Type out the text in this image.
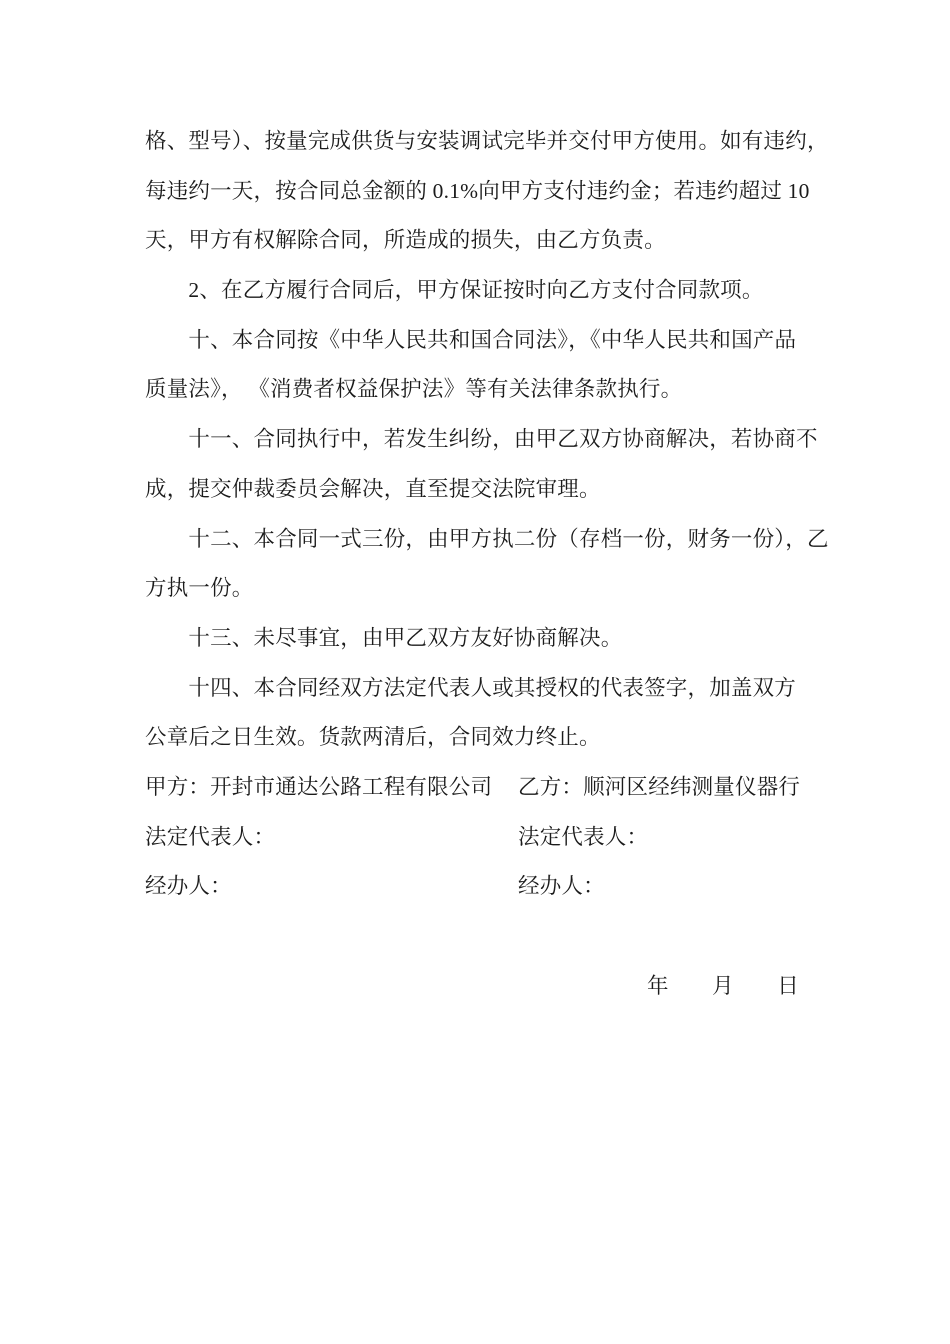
格、型号）、按量完成供货与安装调试完毕并交付甲方使用。如有违约，
每违约一天，按合同总金额的 0.1%向甲方支付违约金；若违约超过 10
天，甲方有权解除合同，所造成的损失，由乙方负责。
　　2、在乙方履行合同后，甲方保证按时向乙方支付合同款项。
　　十、本合同按《中华人民共和国合同法》，《中华人民共和国产品
质量法》， 《消费者权益保护法》等有关法律条款执行。
　　十一、合同执行中，若发生纠纷，由甲乙双方协商解决，若协商不
成，提交仲裁委员会解决，直至提交法院审理。
　　十二、本合同一式三份，由甲方执二份（存档一份，财务一份），乙
方执一份。
　　十三、未尽事宜，由甲乙双方友好协商解决。
　　十四、本合同经双方法定代表人或其授权的代表签字，加盖双方
公章后之日生效。货款两清后，合同效力终止。

甲方：开封市通达公路工程有限公司

乙方：顺河区经纬测量仪器行

法定代表人：

	法定代表人：

经办人：

	经办人：

年　　月　　日
